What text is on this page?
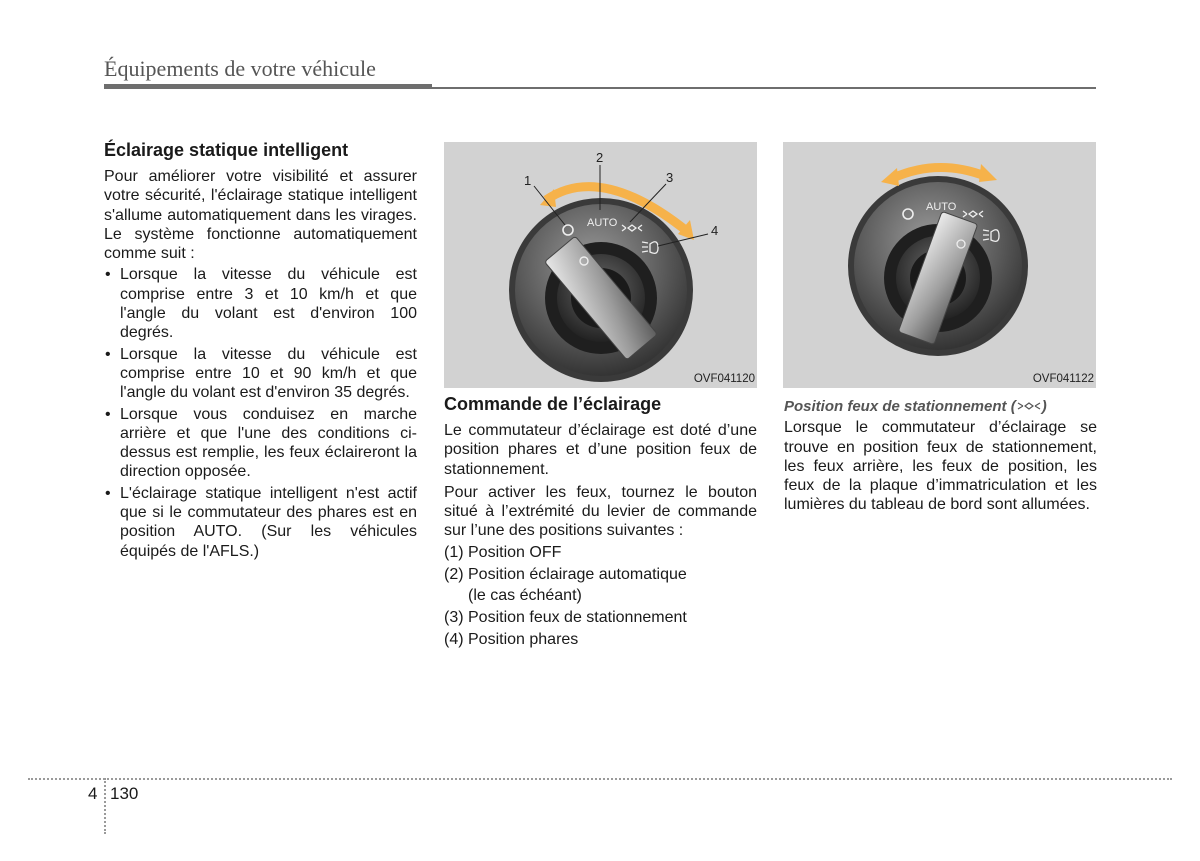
Équipements de votre véhicule
Éclairage statique intelligent

Pour améliorer votre visibilité et assurer votre sécurité, l'éclairage statique intelligent s'allume automatiquement dans les virages. Le système fonctionne automatiquement comme suit :

• Lorsque la vitesse du véhicule est comprise entre 3 et 10 km/h et que l'angle du volant est d'environ 100 degrés.
• Lorsque la vitesse du véhicule est comprise entre 10 et 90 km/h et que l'angle du volant est d'environ 35 degrés.
• Lorsque vous conduisez en marche arrière et que l'une des conditions ci-dessus est remplie, les feux éclaireront la direction opposée.
• L'éclairage statique intelligent n'est actif que si le commutateur des phares est en position AUTO. (Sur les véhicules équipés de l'AFLS.)
AUTO
1
2
3
4
OVF041120
AUTO
OVF041122
Commande de l’éclairage

Le commutateur d’éclairage est doté d’une position phares et d’une position feux de stationnement.

Pour activer les feux, tournez le bouton situé à l’extrémité du levier de commande sur l’une des positions suivantes :

(1) Position OFF
(2) Position éclairage automatique
(le cas échéant)
(3) Position feux de stationnement
(4) Position phares
Position feux de stationnement ( )

Lorsque le commutateur d’éclairage se trouve en position feux de stationnement, les feux arrière, les feux de position, les feux de la plaque d’immatriculation et les lumières du tableau de bord sont allumées.

4 130
